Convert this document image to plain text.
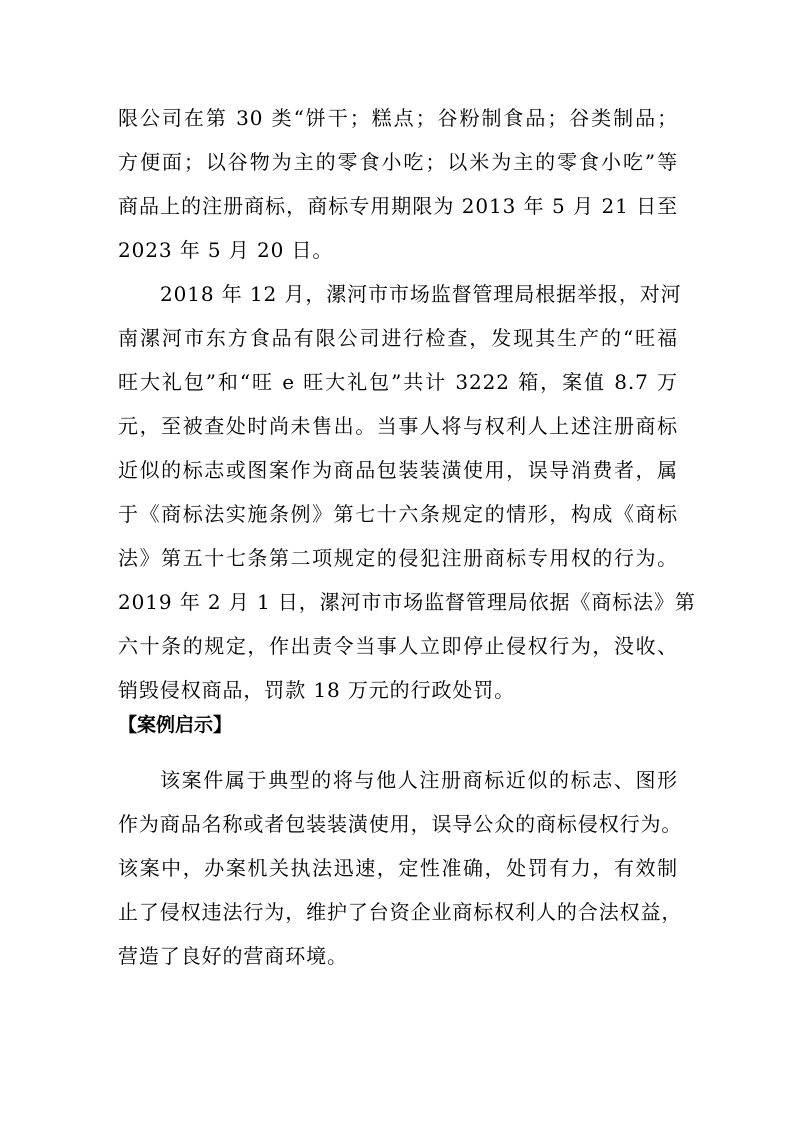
限公司在第 30 类“饼干；糕点；谷粉制食品；谷类制品；
方便面；以谷物为主的零食小吃；以米为主的零食小吃”等
商品上的注册商标，商标专用期限为 2013 年 5 月 21 日至
2023 年 5 月 20 日。
2018 年 12 月，漯河市市场监督管理局根据举报，对河
南漯河市东方食品有限公司进行检查，发现其生产的“旺福
旺大礼包”和“旺 e 旺大礼包”共计 3222 箱，案值 8.7 万
元，至被查处时尚未售出。当事人将与权利人上述注册商标
近似的标志或图案作为商品包装装潢使用，误导消费者，属
于《商标法实施条例》第七十六条规定的情形，构成《商标
法》第五十七条第二项规定的侵犯注册商标专用权的行为。
2019 年 2 月 1 日，漯河市市场监督管理局依据《商标法》第
六十条的规定，作出责令当事人立即停止侵权行为，没收、
销毁侵权商品，罚款 18 万元的行政处罚。
【案例启示】
该案件属于典型的将与他人注册商标近似的标志、图形
作为商品名称或者包装装潢使用，误导公众的商标侵权行为。
该案中，办案机关执法迅速，定性准确，处罚有力，有效制
止了侵权违法行为，维护了台资企业商标权利人的合法权益，
营造了良好的营商环境。
